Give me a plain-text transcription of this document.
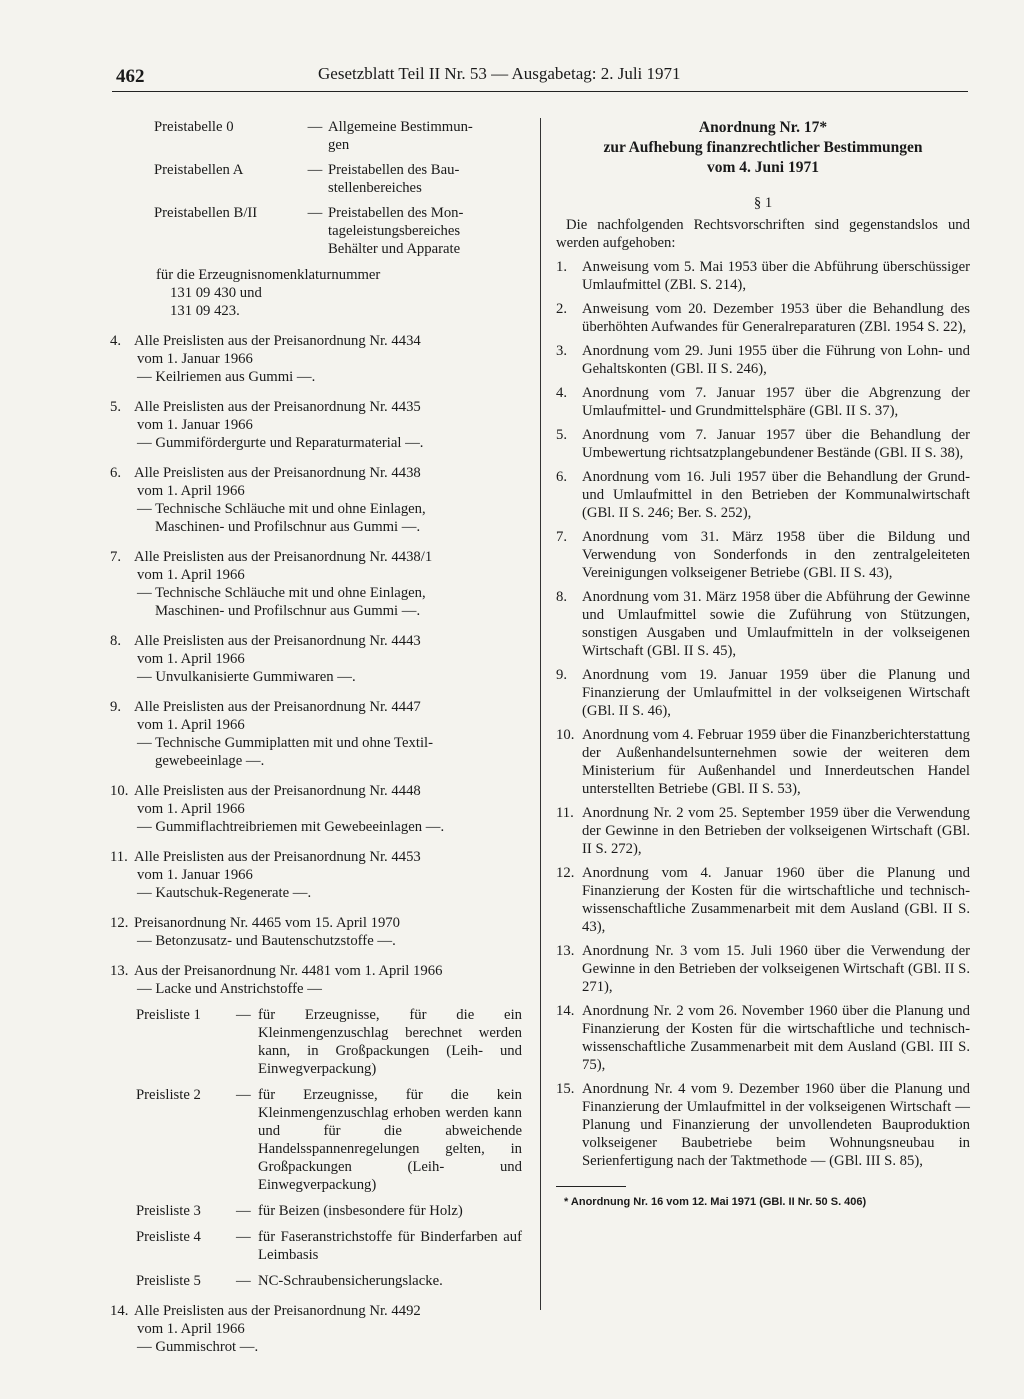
462	Gesetzblatt Teil II Nr. 53 — Ausgabetag: 2. Juli 1971
Preistabelle 0	— Allgemeine Bestimmun-
gen
Preistabellen A	— Preistabellen des Bau-
stellenbereiches
Preistabellen B/II	— Preistabellen des Mon-
tageleistungsbereiches
Behälter und Apparate
für die Erzeugnisnomenklaturnummer
131 09 430 und
131 09 423.
4. Alle Preislisten aus der Preisanordnung Nr. 4434
vom 1. Januar 1966
— Keilriemen aus Gummi —.
5. Alle Preislisten aus der Preisanordnung Nr. 4435
vom 1. Januar 1966
— Gummifördergurte und Reparaturmaterial —.
6. Alle Preislisten aus der Preisanordnung Nr. 4438
vom 1. April 1966
— Technische Schläuche mit und ohne Einlagen,
Maschinen- und Profilschnur aus Gummi —.
7. Alle Preislisten aus der Preisanordnung Nr. 4438/1
vom 1. April 1966
— Technische Schläuche mit und ohne Einlagen,
Maschinen- und Profilschnur aus Gummi —.
8. Alle Preislisten aus der Preisanordnung Nr. 4443
vom 1. April 1966
— Unvulkanisierte Gummiwaren —.
9. Alle Preislisten aus der Preisanordnung Nr. 4447
vom 1. April 1966
— Technische Gummiplatten mit und ohne Textil-
gewebeeinlage —.
10. Alle Preislisten aus der Preisanordnung Nr. 4448
vom 1. April 1966
— Gummiflachtreibriemen mit Gewebeeinlagen —.
11. Alle Preislisten aus der Preisanordnung Nr. 4453
vom 1. Januar 1966
— Kautschuk-Regenerate —.
12. Preisanordnung Nr. 4465 vom 15. April 1970
— Betonzusatz- und Bautenschutzstoffe —.
13. Aus der Preisanordnung Nr. 4481 vom 1. April 1966
— Lacke und Anstrichstoffe —
Preisliste 1	— für Erzeugnisse, für die ein Kleinmengenzuschlag berechnet werden kann, in Großpackungen (Leih- und Einwegverpackung)
Preisliste 2	— für Erzeugnisse, für die kein Kleinmengenzuschlag erhoben werden kann und für die abweichende Handelsspannenregelungen gelten, in Großpackungen (Leih- und Einwegverpackung)
Preisliste 3	— für Beizen (insbesondere für Holz)
Preisliste 4	— für Faseranstrichstoffe für Binderfarben auf Leimbasis
Preisliste 5	— NC-Schraubensicherungslacke.
14. Alle Preislisten aus der Preisanordnung Nr. 4492
vom 1. April 1966
— Gummischrot —.
Anordnung Nr. 17*
zur Aufhebung finanzrechtlicher Bestimmungen
vom 4. Juni 1971
§ 1
Die nachfolgenden Rechtsvorschriften sind gegenstandslos und werden aufgehoben:
1.	Anweisung vom 5. Mai 1953 über die Abführung überschüssiger Umlaufmittel (ZBl. S. 214),
2.	Anweisung vom 20. Dezember 1953 über die Behandlung des überhöhten Aufwandes für Generalreparaturen (ZBl. 1954 S. 22),
3.	Anordnung vom 29. Juni 1955 über die Führung von Lohn- und Gehaltskonten (GBl. II S. 246),
4.	Anordnung vom 7. Januar 1957 über die Abgrenzung der Umlaufmittel- und Grundmittelsphäre (GBl. II S. 37),
5.	Anordnung vom 7. Januar 1957 über die Behandlung der Umbewertung richtsatzplangebundener Bestände (GBl. II S. 38),
6.	Anordnung vom 16. Juli 1957 über die Behandlung der Grund- und Umlaufmittel in den Betrieben der Kommunalwirtschaft (GBl. II S. 246; Ber. S. 252),
7.	Anordnung vom 31. März 1958 über die Bildung und Verwendung von Sonderfonds in den zentralgeleiteten Vereinigungen volkseigener Betriebe (GBl. II S. 43),
8.	Anordnung vom 31. März 1958 über die Abführung der Gewinne und Umlaufmittel sowie die Zuführung von Stützungen, sonstigen Ausgaben und Umlaufmitteln in der volkseigenen Wirtschaft (GBl. II S. 45),
9.	Anordnung vom 19. Januar 1959 über die Planung und Finanzierung der Umlaufmittel in der volkseigenen Wirtschaft (GBl. II S. 46),
10. Anordnung vom 4. Februar 1959 über die Finanzberichterstattung der Außenhandelsunternehmen sowie der weiteren dem Ministerium für Außenhandel und Innerdeutschen Handel unterstellten Betriebe (GBl. II S. 53),
11. Anordnung Nr. 2 vom 25. September 1959 über die Verwendung der Gewinne in den Betrieben der volkseigenen Wirtschaft (GBl. II S. 272),
12. Anordnung vom 4. Januar 1960 über die Planung und Finanzierung der Kosten für die wirtschaftliche und technisch-wissenschaftliche Zusammenarbeit mit dem Ausland (GBl. II S. 43),
13. Anordnung Nr. 3 vom 15. Juli 1960 über die Verwendung der Gewinne in den Betrieben der volkseigenen Wirtschaft (GBl. II S. 271),
14. Anordnung Nr. 2 vom 26. November 1960 über die Planung und Finanzierung der Kosten für die wirtschaftliche und technisch-wissenschaftliche Zusammenarbeit mit dem Ausland (GBl. III S. 75),
15. Anordnung Nr. 4 vom 9. Dezember 1960 über die Planung und Finanzierung der Umlaufmittel in der volkseigenen Wirtschaft — Planung und Finanzierung der unvollendeten Bauproduktion volkseigener Baubetriebe beim Wohnungsneubau in Serienfertigung nach der Taktmethode — (GBl. III S. 85),
* Anordnung Nr. 16 vom 12. Mai 1971 (GBl. II Nr. 50 S. 406)
